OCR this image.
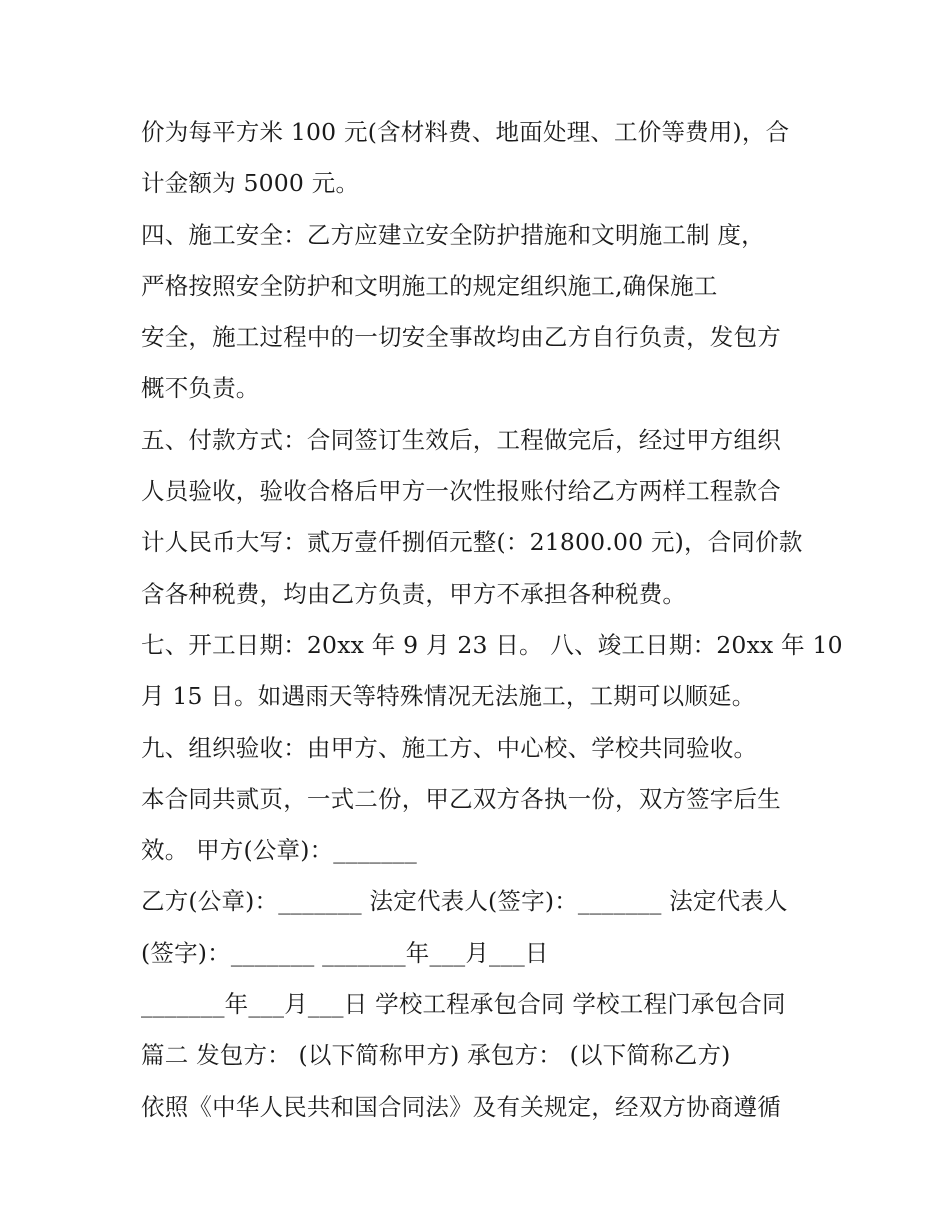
价为每平方米 100 元(含材料费、地面处理、工价等费用)，合
计金额为 5000 元。
四、施工安全：乙方应建立安全防护措施和文明施工制 度，
严格按照安全防护和文明施工的规定组织施工,确保施工
安全，施工过程中的一切安全事故均由乙方自行负责，发包方
概不负责。
五、付款方式：合同签订生效后，工程做完后，经过甲方组织
人员验收，验收合格后甲方一次性报账付给乙方两样工程款合
计人民币大写：贰万壹仟捌佰元整(：21800.00 元)，合同价款
含各种税费，均由乙方负责，甲方不承担各种税费。
七、开工日期：20xx 年 9 月 23 日。 八、竣工日期：20xx 年 10
月 15 日。如遇雨天等特殊情况无法施工，工期可以顺延。
九、组织验收：由甲方、施工方、中心校、学校共同验收。
本合同共贰页，一式二份，甲乙双方各执一份，双方签字后生
效。 甲方(公章)：_______
乙方(公章)：_______ 法定代表人(签字)：_______ 法定代表人
(签字)：_______ _______年___月___日
_______年___月___日 学校工程承包合同 学校工程门承包合同
篇二 发包方： (以下简称甲方) 承包方： (以下简称乙方)
依照《中华人民共和国合同法》及有关规定，经双方协商遵循
